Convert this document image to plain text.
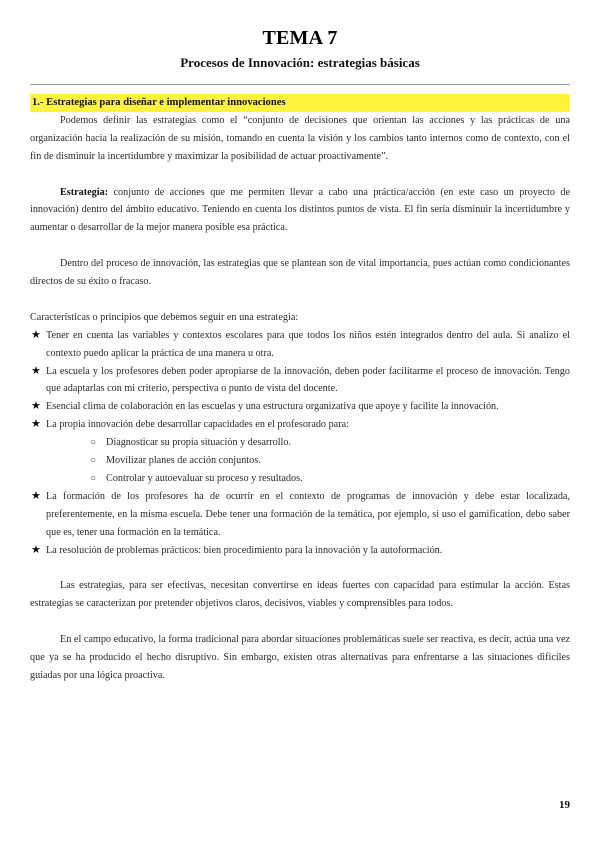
TEMA 7
Procesos de Innovación: estrategias básicas
1.- Estrategias para diseñar e implementar innovaciones

Podemos definir las estrategias como el “conjunto de decisiones que orientan las acciones y las prácticas de una organización hacia la realización de su misión, tomando en cuenta la visión y los cambios tanto internos como de contexto, con el fin de disminuir la incertidumbre y maximizar la posibilidad de actuar proactivamente”.

Estrategia: conjunto de acciones que me permiten llevar a cabo una práctica/acción (en este caso un proyecto de innovación) dentro del ámbito educativo. Teniendo en cuenta los distintos puntos de vista. El fin sería disminuir la incertidumbre y aumentar o desarrollar de la mejor manera posible esa práctica.

Dentro del proceso de innovación, las estrategias que se plantean son de vital importancia, pues actúan como condicionantes directos de su éxito o fracaso.

Características o principios que debemos seguir en una estrategia:

★ Tener en cuenta las variables y contextos escolares para que todos los niños estén integrados dentro del aula. Si analizo el contexto puedo aplicar la práctica de una manera u otra.
★ La escuela y los profesores deben poder apropiarse de la innovación, deben poder facilitarme el proceso de innovación. Tengo que adaptarlas con mi criterio, perspectiva o punto de vista del docente.
★ Esencial clima de colaboración en las escuelas y una estructura organizativa que apoye y facilite la innovación.
★ La propia innovación debe desarrollar capacidades en el profesorado para:
○ Diagnosticar su propia situación y desarrollo.
○ Movilizar planes de acción conjuntos.
○ Controlar y autoevaluar su proceso y resultados.
★ La formación de los profesores ha de ocurrir en el contexto de programas de innovación y debe estar localizada, preferentemente, en la misma escuela. Debe tener una formación de la temática, por ejemplo, si uso el gamification, debo saber que es, tener una formación en la temática.
★ La resolución de problemas prácticos: bien procedimiento para la innovación y la autoformación.

Las estrategias, para ser efectivas, necesitan convertirse en ideas fuertes con capacidad para estimular la acción. Estas estrategias se caracterizan por pretender objetivos claros, decisivos, viables y comprensibles para todos.

En el campo educativo, la forma tradicional para abordar situaciones problemáticas suele ser reactiva, es decir, actúa una vez que ya se ha producido el hecho disruptivo. Sin embargo, existen otras alternativas para enfrentarse a las situaciones difíciles guiadas por una lógica proactiva.

19
